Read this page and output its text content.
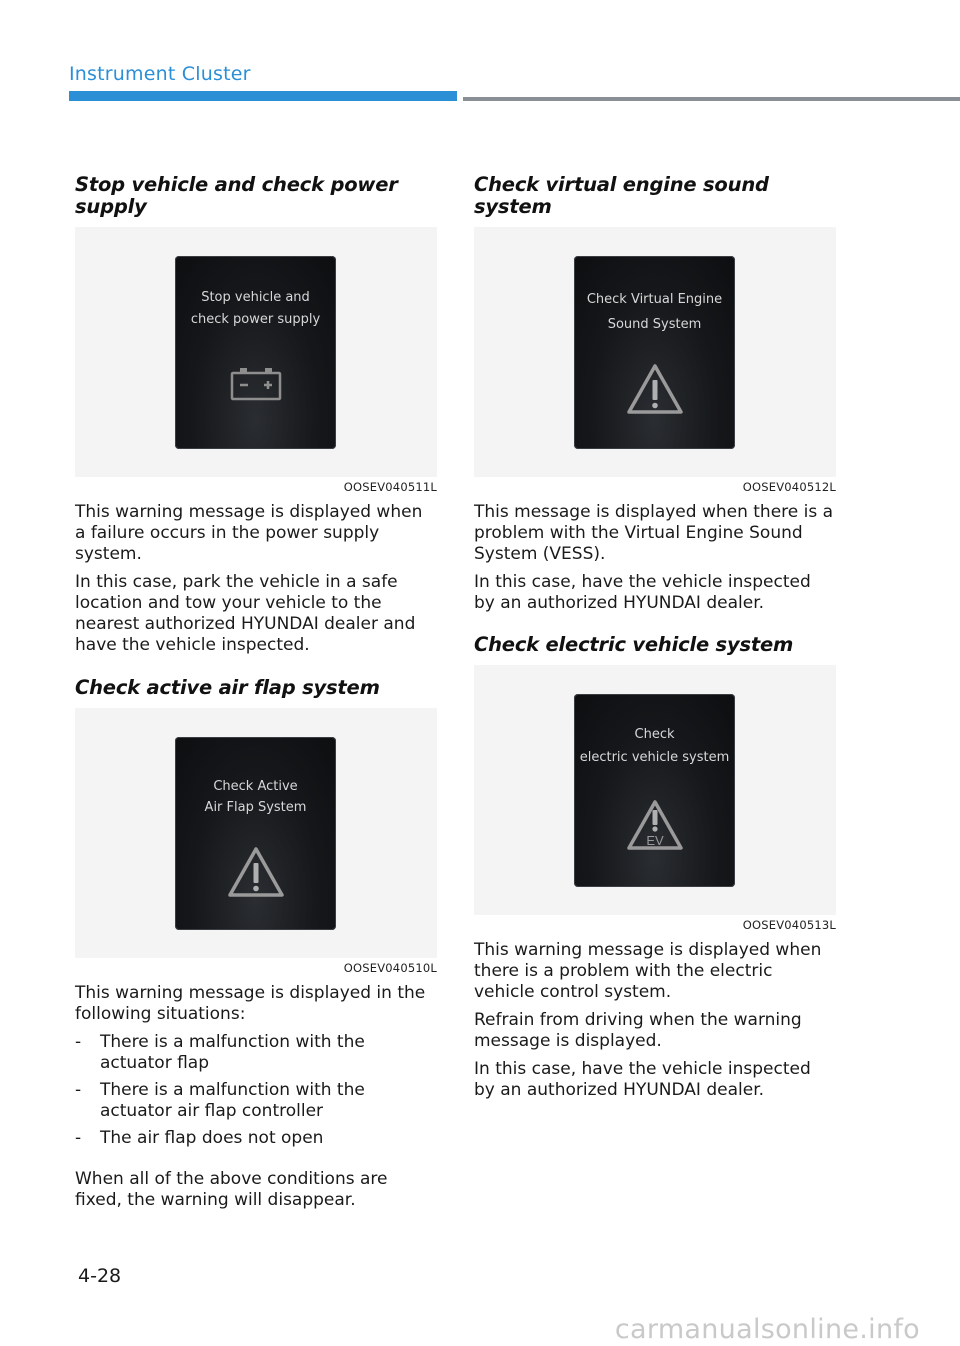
Instrument Cluster
Stop vehicle and check power supply
Stop vehicle and
check power supply
OOSEV040511L

This warning message is displayed when a failure occurs in the power supply system.

In this case, park the vehicle in a safe location and tow your vehicle to the nearest authorized HYUNDAI dealer and have the vehicle inspected.

Check active air flap system
Check Active
Air Flap System
OOSEV040510L

This warning message is displayed in the following situations:

- There is a malfunction with the actuator flap
- There is a malfunction with the actuator air flap controller
- The air flap does not open

When all of the above conditions are fixed, the warning will disappear.

Check virtual engine sound system
Check Virtual Engine
Sound System
OOSEV040512L

This message is displayed when there is a problem with the Virtual Engine Sound System (VESS).

In this case, have the vehicle inspected by an authorized HYUNDAI dealer.

Check electric vehicle system
Check
electric vehicle system
EV
OOSEV040513L

This warning message is displayed when there is a problem with the electric vehicle control system.

Refrain from driving when the warning message is displayed.

In this case, have the vehicle inspected by an authorized HYUNDAI dealer.

4-28
carmanualsonline.info
